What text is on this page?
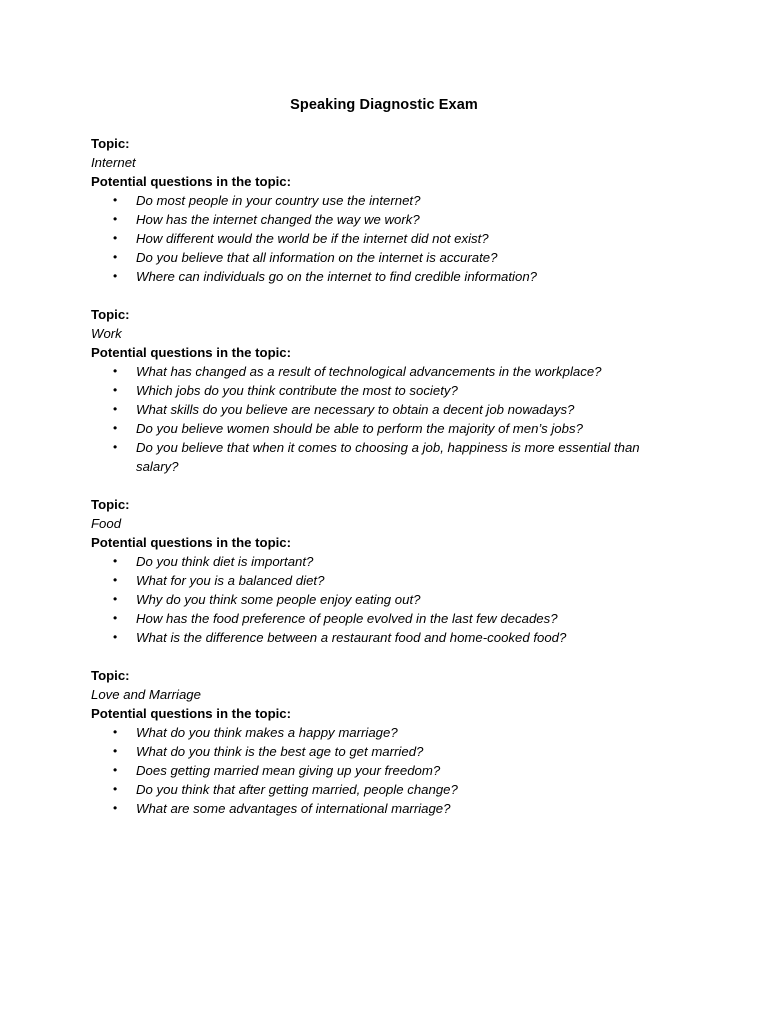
Speaking Diagnostic Exam
Topic:
Internet
Potential questions in the topic:
• Do most people in your country use the internet?
• How has the internet changed the way we work?
• How different would the world be if the internet did not exist?
• Do you believe that all information on the internet is accurate?
• Where can individuals go on the internet to find credible information?
Topic:
Work
Potential questions in the topic:
• What has changed as a result of technological advancements in the workplace?
• Which jobs do you think contribute the most to society?
• What skills do you believe are necessary to obtain a decent job nowadays?
• Do you believe women should be able to perform the majority of men’s jobs?
• Do you believe that when it comes to choosing a job, happiness is more essential than salary?
Topic:
Food
Potential questions in the topic:
• Do you think diet is important?
• What for you is a balanced diet?
• Why do you think some people enjoy eating out?
• How has the food preference of people evolved in the last few decades?
• What is the difference between a restaurant food and home-cooked food?
Topic:
Love and Marriage
Potential questions in the topic:
• What do you think makes a happy marriage?
• What do you think is the best age to get married?
• Does getting married mean giving up your freedom?
• Do you think that after getting married, people change?
• What are some advantages of international marriage?
